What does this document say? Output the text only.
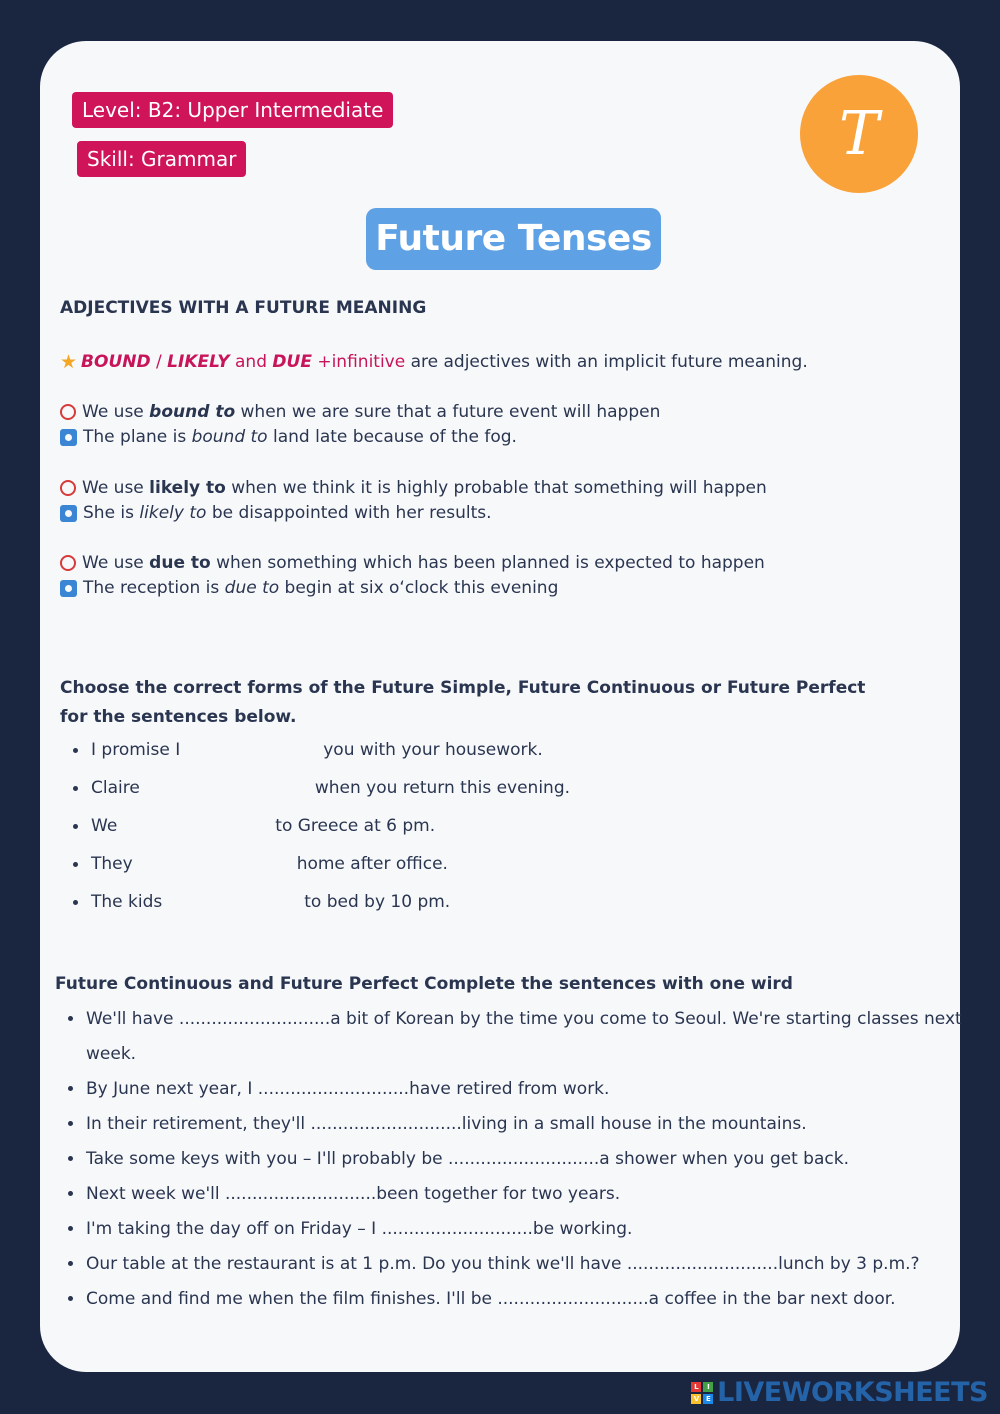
Level: B2: Upper Intermediate
Skill: Grammar	T
Future Tenses
ADJECTIVES WITH A FUTURE MEANING
★ BOUND / LIKELY and DUE +infinitive are adjectives with an implicit future meaning.
We use bound to when we are sure that a future event will happen
The plane is bound to land late because of the fog.
We use likely to when we think it is highly probable that something will happen
She is likely to be disappointed with her results.
We use due to when something which has been planned is expected to happen
The reception is due to begin at six o‘clock this evening
Choose the correct forms of the Future Simple, Future Continuous or Future Perfect for the sentences below.
I promise I	you with your housework.
Claire	when you return this evening.
We	to Greece at 6 pm.
They	home after office.
The kids	to bed by 10 pm.
Future Continuous and Future Perfect Complete the sentences with one wird
We'll have ............................a bit of Korean by the time you come to Seoul. We're starting classes next week.
By June next year, I ............................have retired from work.
In their retirement, they'll ............................living in a small house in the mountains.
Take some keys with you – I'll probably be ............................a shower when you get back.
Next week we'll ............................been together for two years.
I'm taking the day off on Friday – I ............................be working.
Our table at the restaurant is at 1 p.m. Do you think we'll have ............................lunch by 3 p.m.?
Come and find me when the film finishes. I'll be ............................a coffee in the bar next door.
L	I
V	E LIVEWORKSHEETS
